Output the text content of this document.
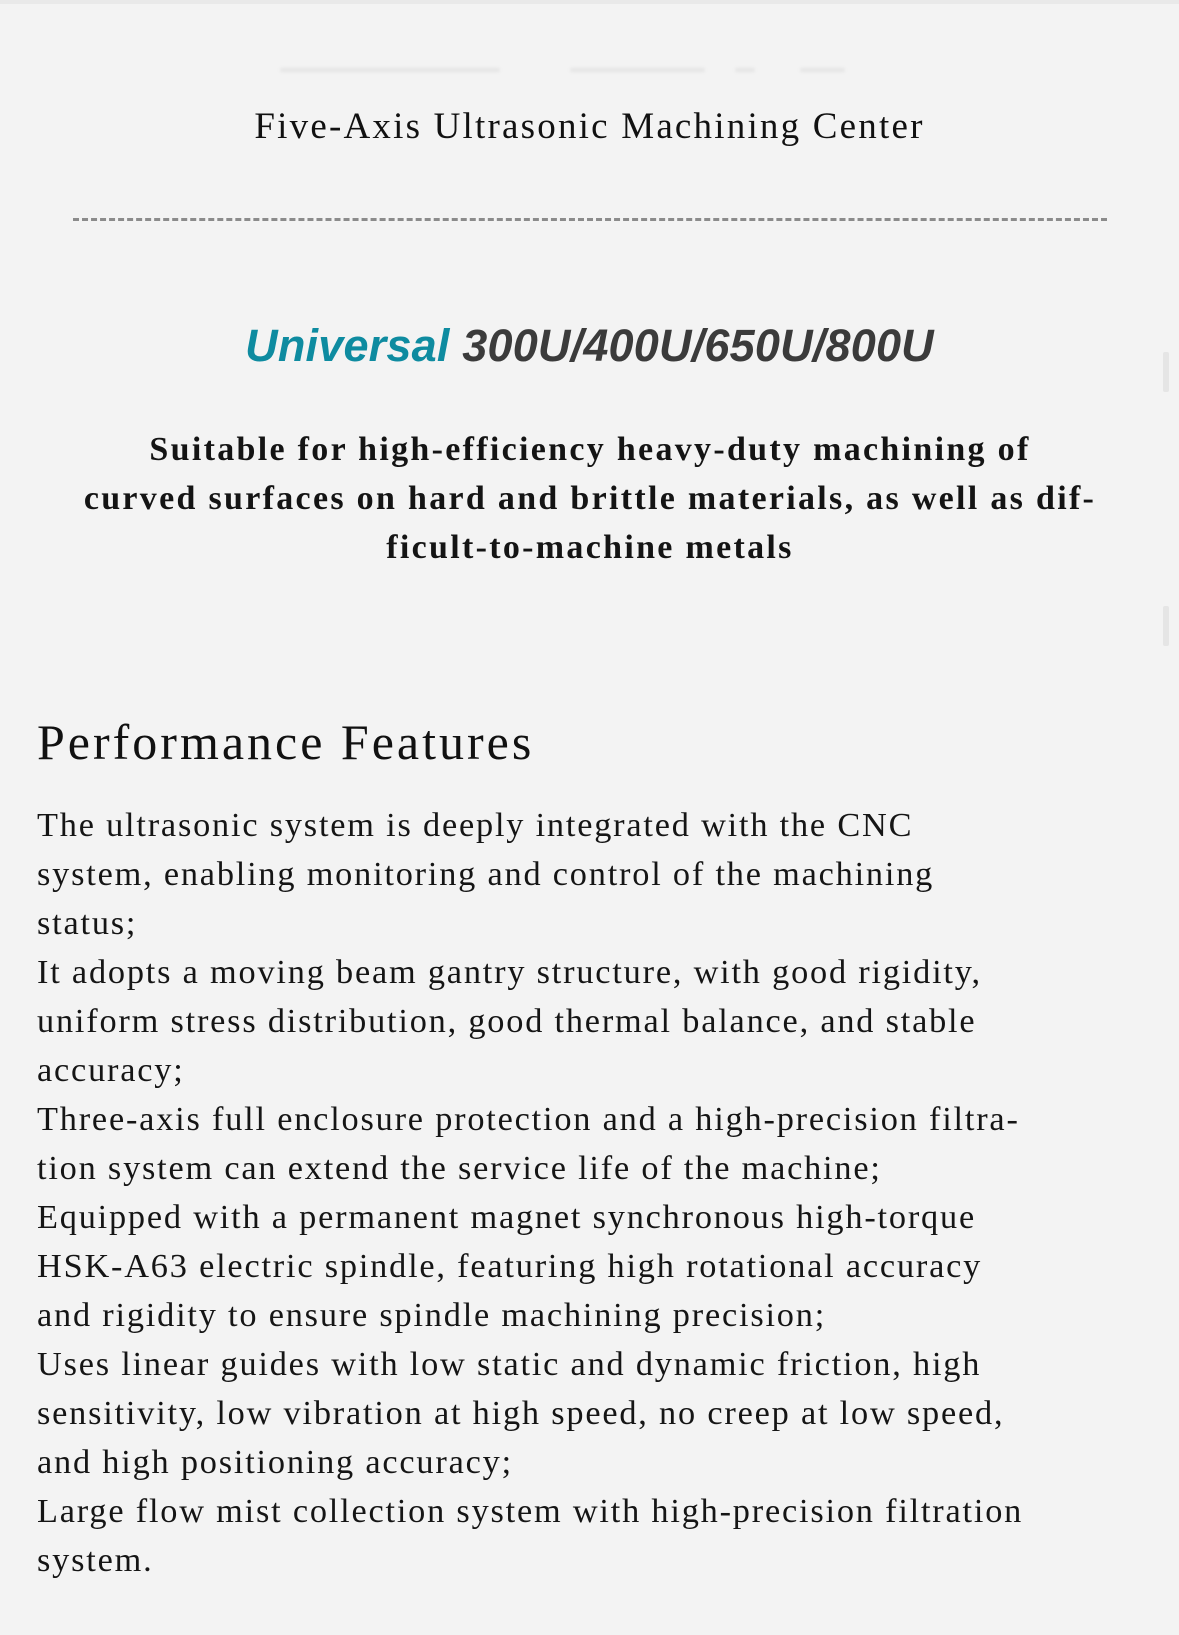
Five-Axis Ultrasonic Machining Center
Universal 300U/400U/650U/800U
Suitable for high-efficiency heavy-duty machining of
curved surfaces on hard and brittle materials, as well as dif-
ficult-to-machine metals
Performance Features
The ultrasonic system is deeply integrated with the CNC
system, enabling monitoring and control of the machining
status;
It adopts a moving beam gantry structure, with good rigidity,
uniform stress distribution, good thermal balance, and stable
accuracy;
Three-axis full enclosure protection and a high-precision filtra-
tion system can extend the service life of the machine;
Equipped with a permanent magnet synchronous high-torque
HSK-A63 electric spindle, featuring high rotational accuracy
and rigidity to ensure spindle machining precision;
Uses linear guides with low static and dynamic friction, high
sensitivity, low vibration at high speed, no creep at low speed,
and high positioning accuracy;
Large flow mist collection system with high-precision filtration
system.
